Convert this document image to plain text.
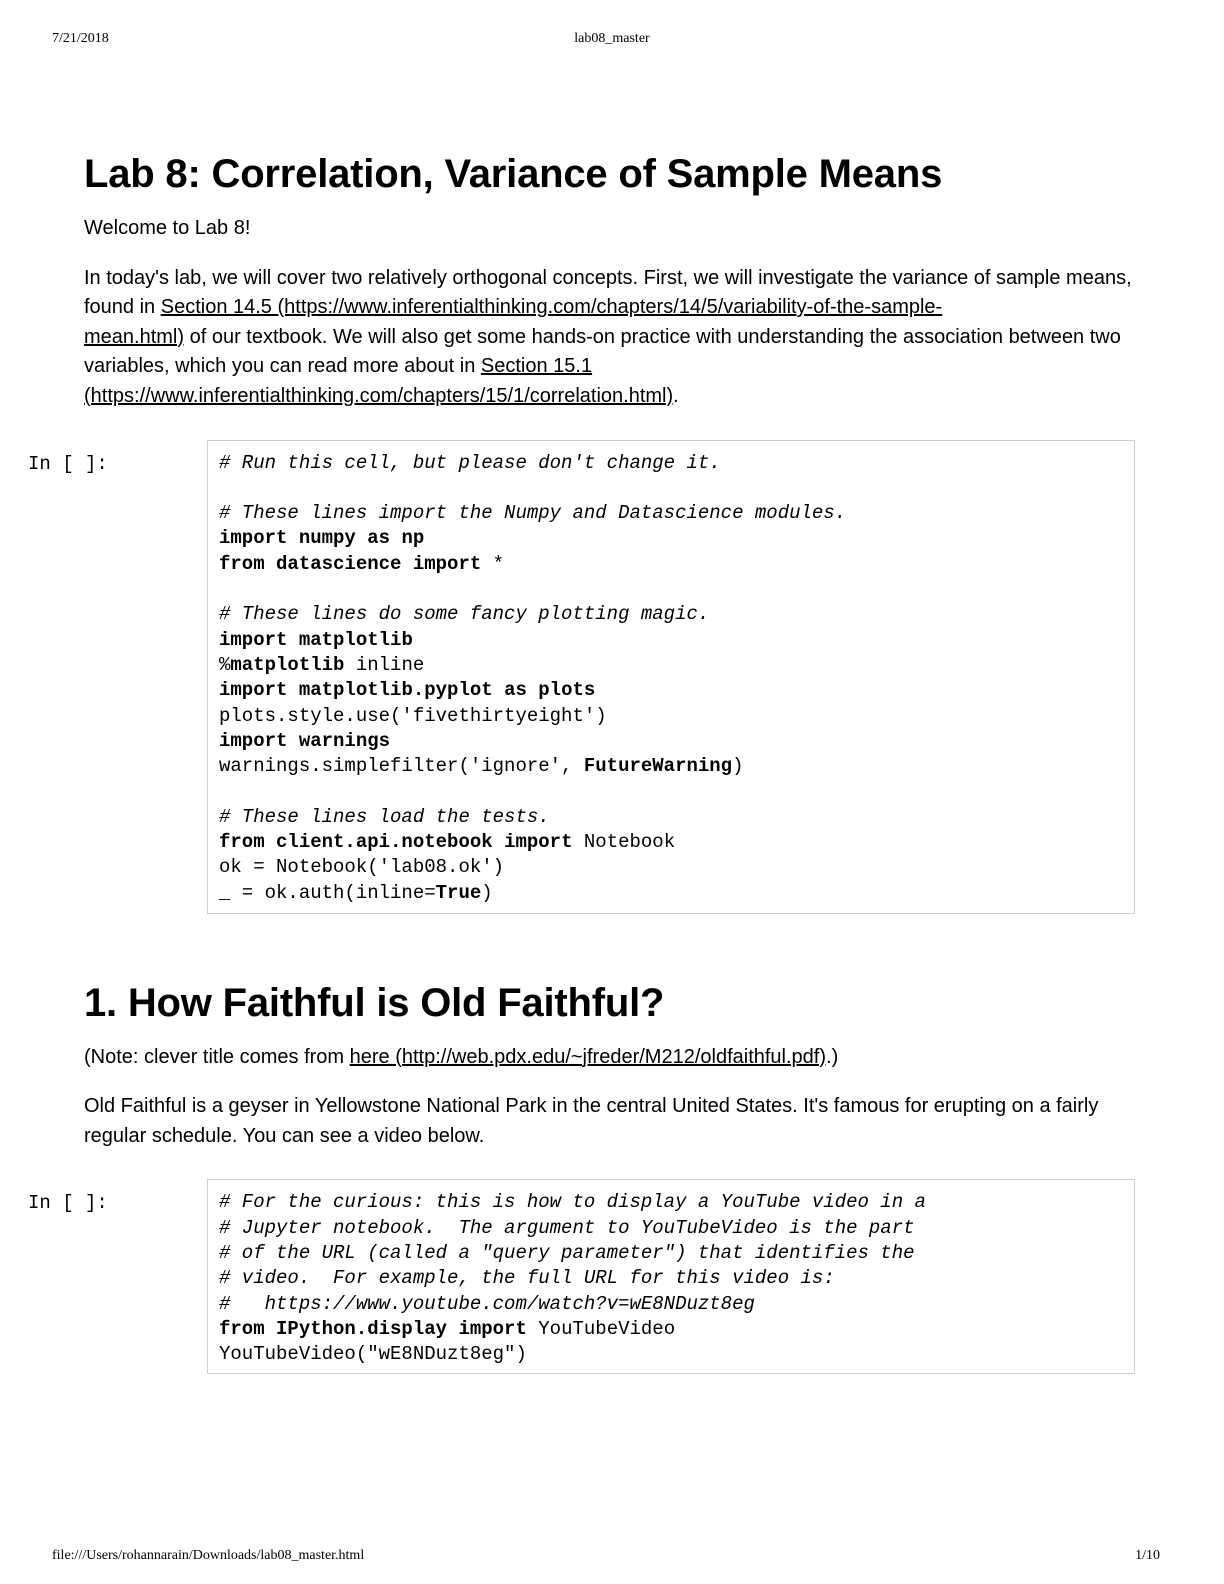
7/21/2018	lab08_master
Lab 8: Correlation, Variance of Sample Means

Welcome to Lab 8!

In today's lab, we will cover two relatively orthogonal concepts. First, we will investigate the variance of sample means, found in Section 14.5 (https://www.inferentialthinking.com/chapters/14/5/variability-of-the-sample-
mean.html) of our textbook. We will also get some hands-on practice with understanding the association between two variables, which you can read more about in Section 15.1
(https://www.inferentialthinking.com/chapters/15/1/correlation.html).

In [ ]:	# Run this cell, but please don't change it.
# These lines import the Numpy and Datascience modules.
import numpy as np
from datascience import *
# These lines do some fancy plotting magic.
import matplotlib
%matplotlib inline
import matplotlib.pyplot as plots
plots.style.use('fivethirtyeight')
import warnings
warnings.simplefilter('ignore', FutureWarning)
# These lines load the tests.
from client.api.notebook import Notebook
ok = Notebook('lab08.ok')
_ = ok.auth(inline=True)
1. How Faithful is Old Faithful?

(Note: clever title comes from here (http://web.pdx.edu/~jfreder/M212/oldfaithful.pdf).)

Old Faithful is a geyser in Yellowstone National Park in the central United States. It's famous for erupting on a fairly regular schedule. You can see a video below.

In [ ]:	# For the curious: this is how to display a YouTube video in a
# Jupyter notebook.  The argument to YouTubeVideo is the part
# of the URL (called a "query parameter") that identifies the
# video.  For example, the full URL for this video is:
#   https://www.youtube.com/watch?v=wE8NDuzt8eg
from IPython.display import YouTubeVideo
YouTubeVideo("wE8NDuzt8eg")
file:///Users/rohannarain/Downloads/lab08_master.html	1/10
